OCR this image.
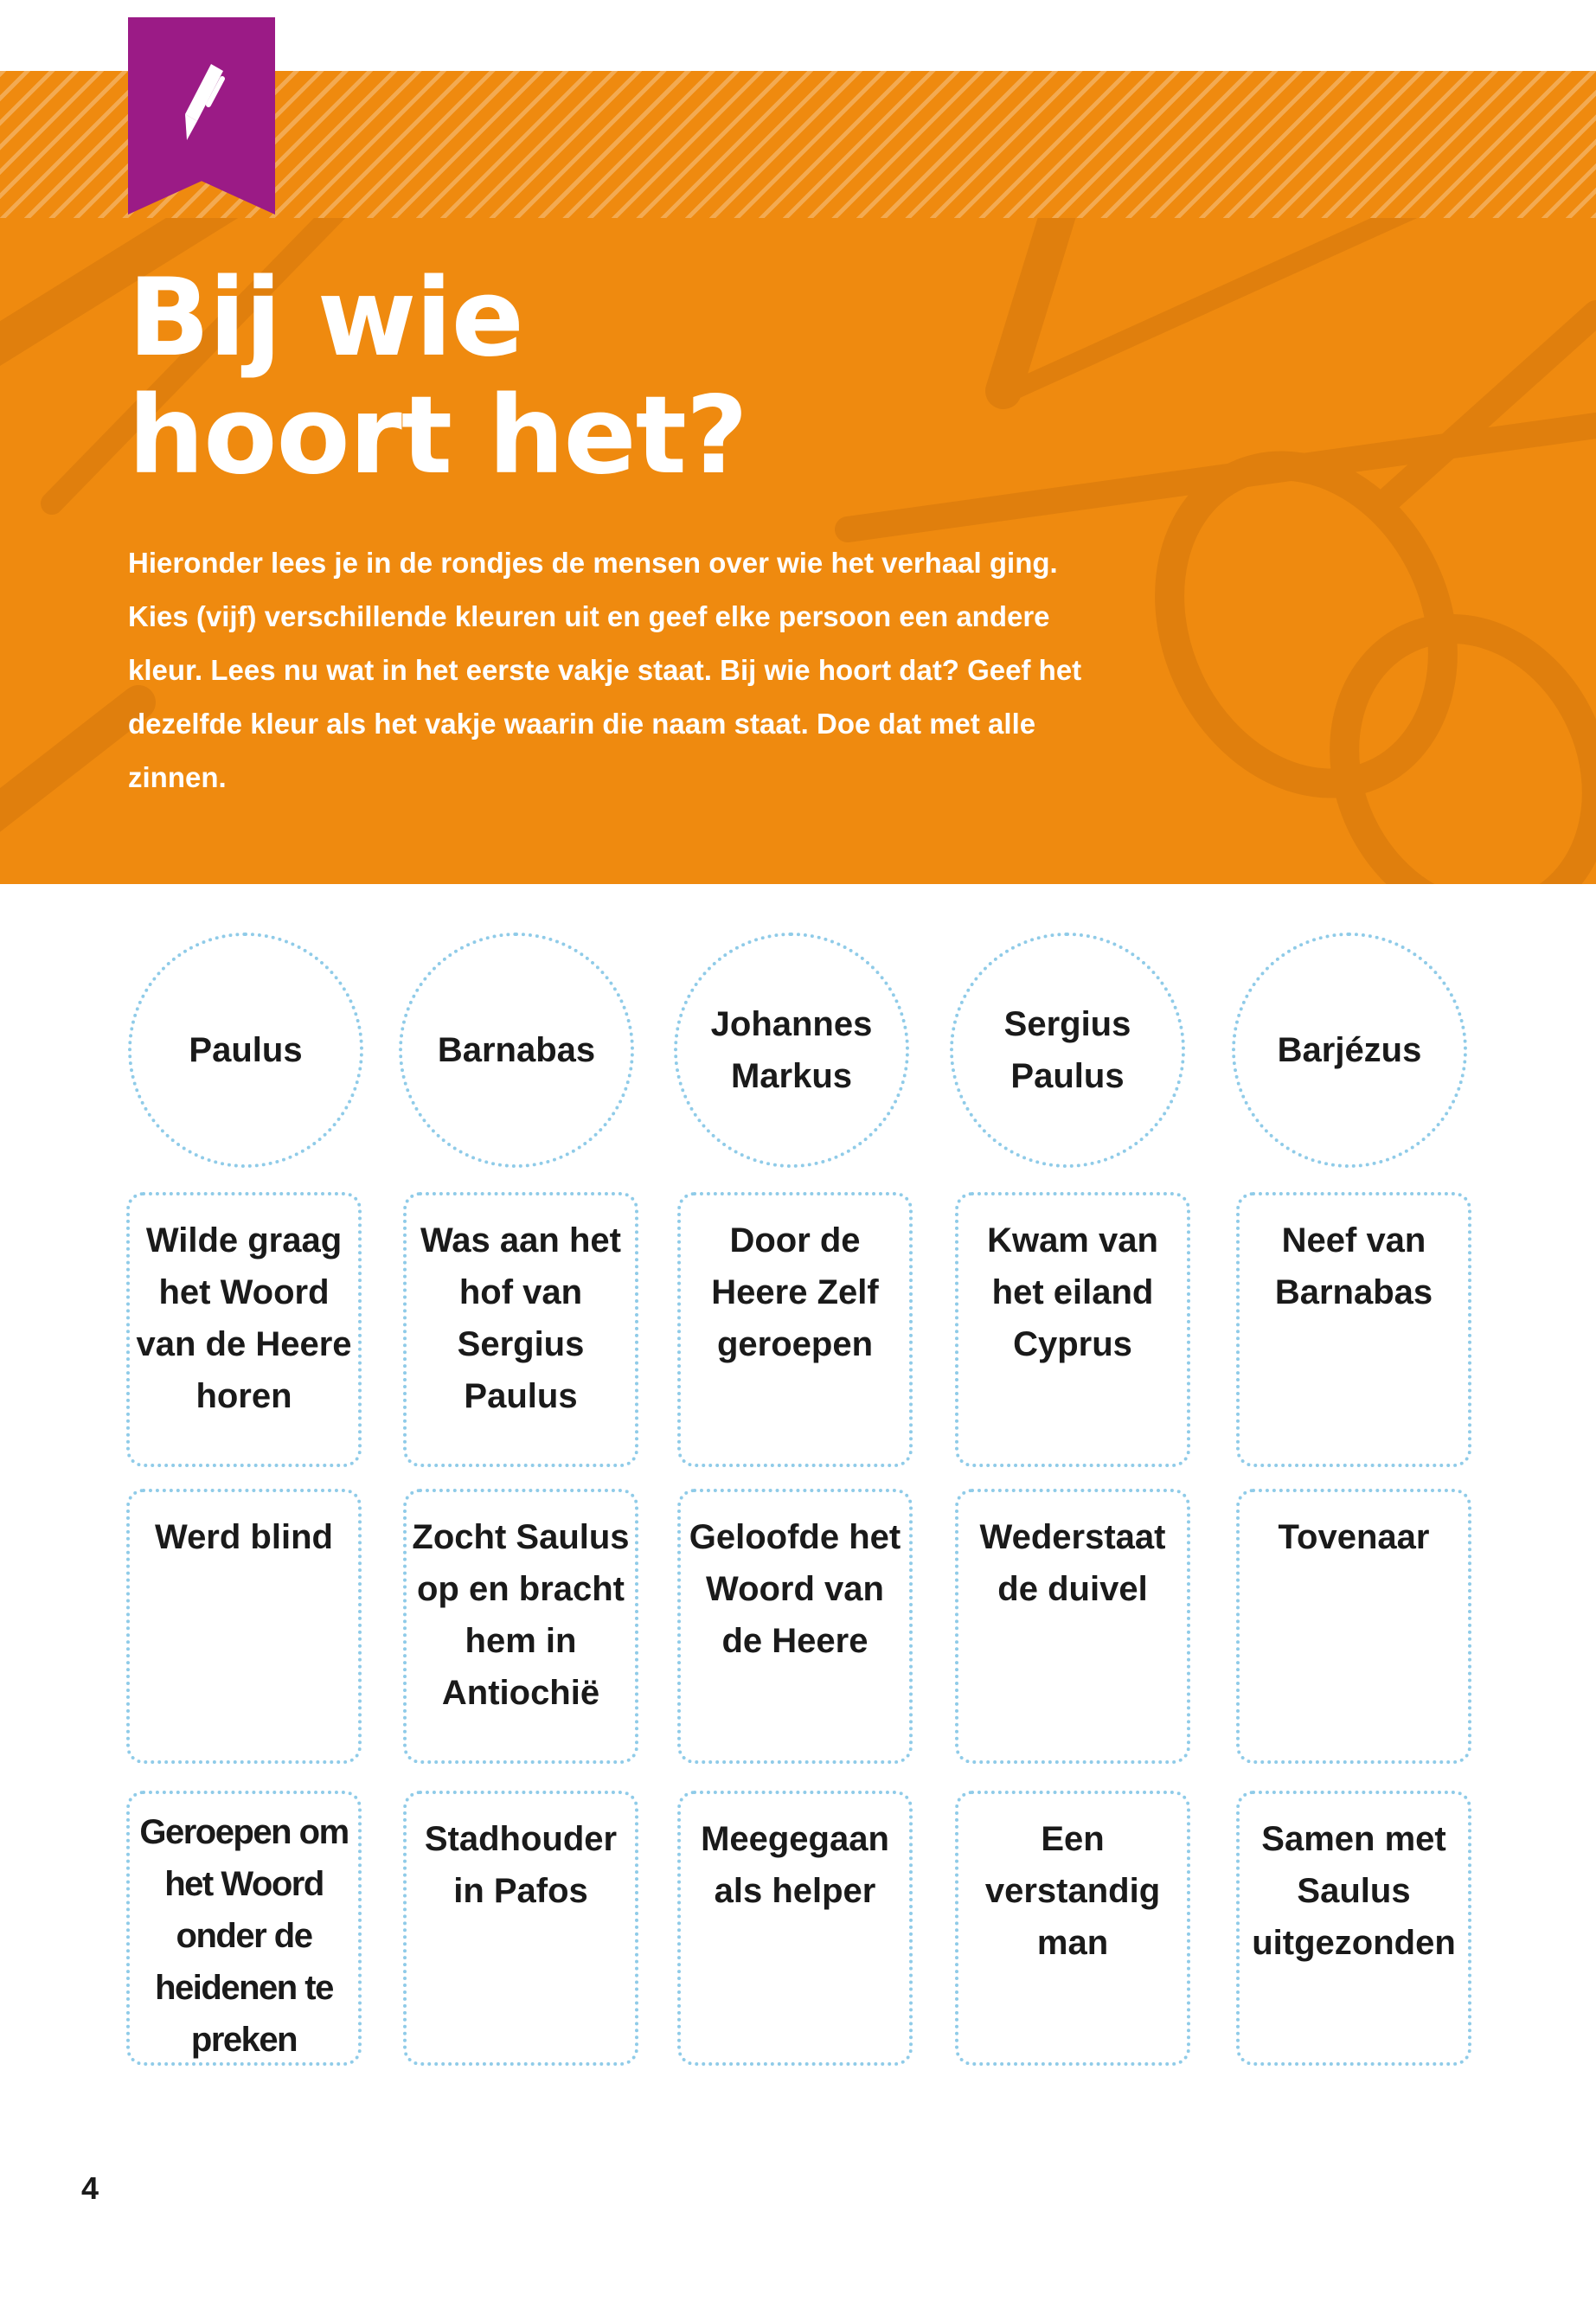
Bij wie
hoort het?

Hieronder lees je in de rondjes de mensen over wie het verhaal ging. Kies (vijf) verschillende kleuren uit en geef elke persoon een andere kleur. Lees nu wat in het eerste vakje staat. Bij wie hoort dat? Geef het dezelfde kleur als het vakje waarin die naam staat. Doe dat met alle zinnen.

Paulus	Barnabas
Johannes Markus
Sergius Paulus
Barjézus
Wilde graag het Woord van de Heere horen
Was aan het hof van Sergius Paulus
Door de Heere Zelf geroepen
Kwam van het eiland Cyprus
Neef van Barnabas
Werd blind	Zocht Saulus op en bracht hem in Antiochië
Geloofde het Woord van de Heere
Wederstaat de duivel
Tovenaar
Geroepen om het Woord onder de heidenen te preken
Stadhouder in Pafos
Meegegaan als helper
Een verstandig man
Samen met Saulus uitgezonden
4
